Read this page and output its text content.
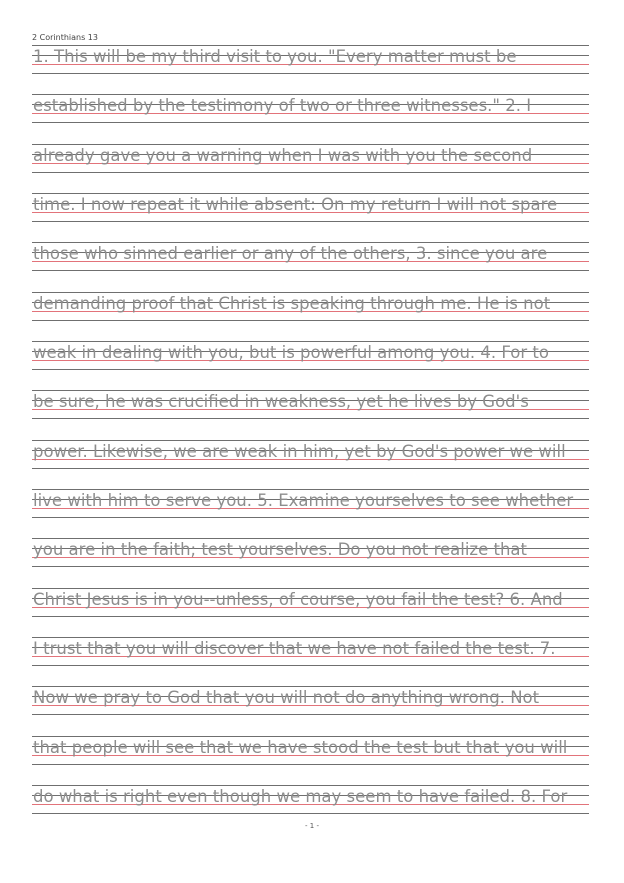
2 Corinthians 13
1. This will be my third visit to you. "Every matter must be
established by the testimony of two or three witnesses." 2. I
already gave you a warning when I was with you the second
time. I now repeat it while absent: On my return I will not spare
those who sinned earlier or any of the others, 3. since you are
demanding proof that Christ is speaking through me. He is not
weak in dealing with you, but is powerful among you. 4. For to
be sure, he was crucified in weakness, yet he lives by God's
power. Likewise, we are weak in him, yet by God's power we will
live with him to serve you. 5. Examine yourselves to see whether
you are in the faith; test yourselves. Do you not realize that
Christ Jesus is in you--unless, of course, you fail the test? 6. And
I trust that you will discover that we have not failed the test. 7.
Now we pray to God that you will not do anything wrong. Not
that people will see that we have stood the test but that you will
do what is right even though we may seem to have failed. 8. For
- 1 -
